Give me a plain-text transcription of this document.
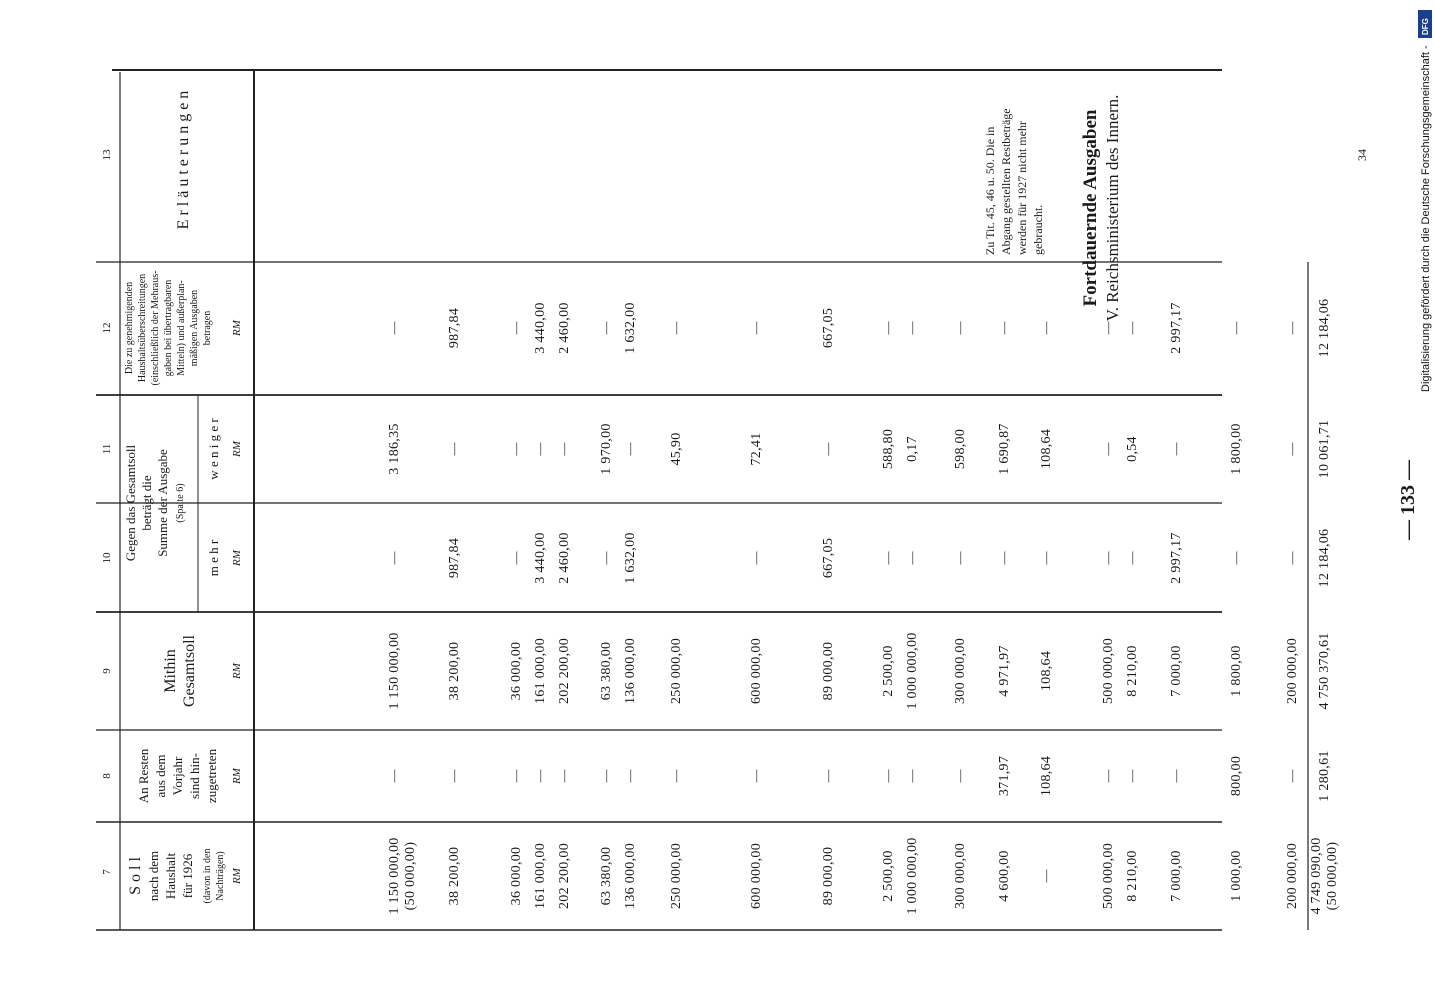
7
8
9
10
11
12
13
S o l l nach dem Haushalt für 1926 (davon in den Nachträgen) RM
An Resten aus dem Vorjahr sind hin- zugetreten RM
Mithin Gesamtsoll	RM
Gegen das Gesamtsoll beträgt die Summe der Ausgabe (Spalte 6)
m e h r RM
w e n i g e r RM
Die zu genehmigenden Haushaltsüberschreitungen (einschließlich der Mehraus- gaben bei übertragbaren Mitteln) und außerplan- mäßigen Ausgaben betragen RM
E r l ä u t e r u n g e n	Fortdauernde Ausgaben V. Reichsministerium des Innern.
— 133 —
34
Zu Tit. 45, 46 u. 50. Die in Abgang gestellten Restbeträge werden für 1927 nicht mehr gebraucht.
1 150 000,00
—
1 150 000,00
—
3 186,35
—
(50 000,00) 38 200,00
—
38 200,00
987,84
—
987,84
36 000,00
—
36 000,00
—
—
—
161 000,00
—
161 000,00
3 440,00
—
3 440,00
202 200,00
—
202 200,00
2 460,00
—
2 460,00
63 380,00
—
63 380,00
—
1 970,00
—
136 000,00
—
136 000,00
1 632,00
—
1 632,00
250 000,00
—
250 000,00
45,90
—
600 000,00
—
600 000,00
—
72,41
—
89 000,00
—
89 000,00
667,05
—
667,05
2 500,00
—
2 500,00
—
588,80
—
1 000 000,00
—
1 000 000,00
—
0,17
—
300 000,00
—
300 000,00
—
598,00
—
4 600,00
371,97
4 971,97
—
1 690,87
—
—
108,64
108,64
—
108,64
—
500 000,00
—
500 000,00
—
—
—
8 210,00
—
8 210,00
—
0,54
—
7 000,00
—
7 000,00
2 997,17
—
2 997,17
1 000,00
800,00
1 800,00
—
1 800,00
—
200 000,00
—
200 000,00
—
—
—
4 749 090,00 (50 000,00)
1 280,61
4 750 370,61
12 184,06
10 061,71
12 184,06
DFG
Digitalisierung gefördert durch die Deutsche Forschungsgemeinschaft -
